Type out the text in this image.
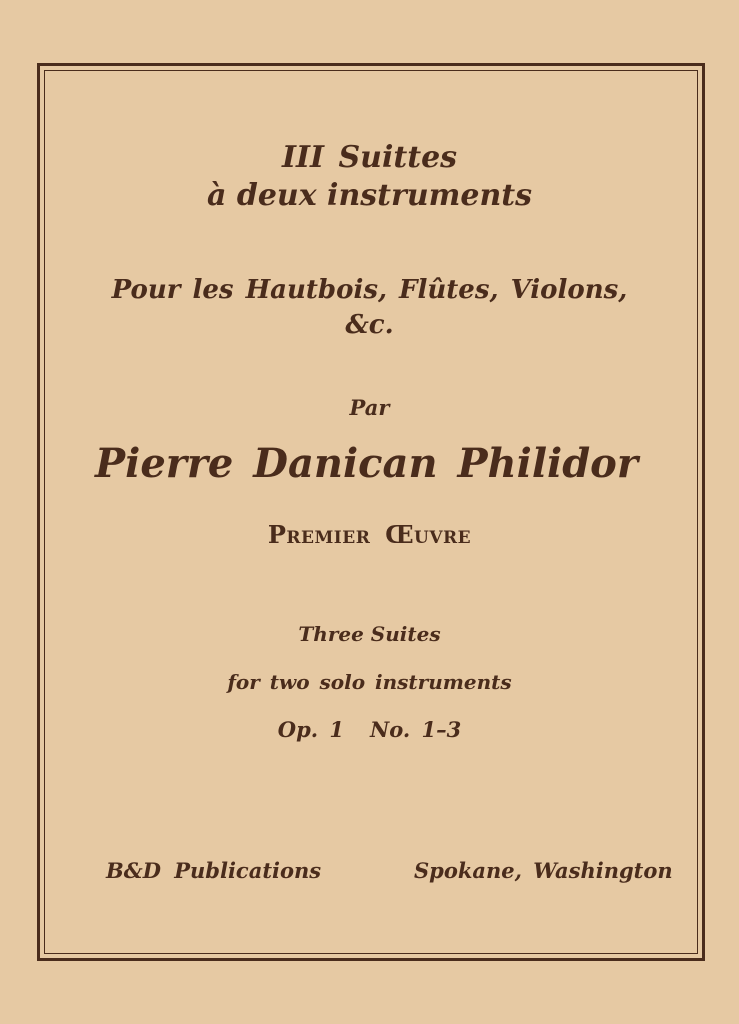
III Suittes

à deux instruments

Pour les Hautbois, Flûtes, Violons,

&c.

Par

Pierre Danican Philidor

Premier Œuvre

Three Suites

for two solo instruments

Op. 1 No. 1–3

B&D Publications	Spokane, Washington
